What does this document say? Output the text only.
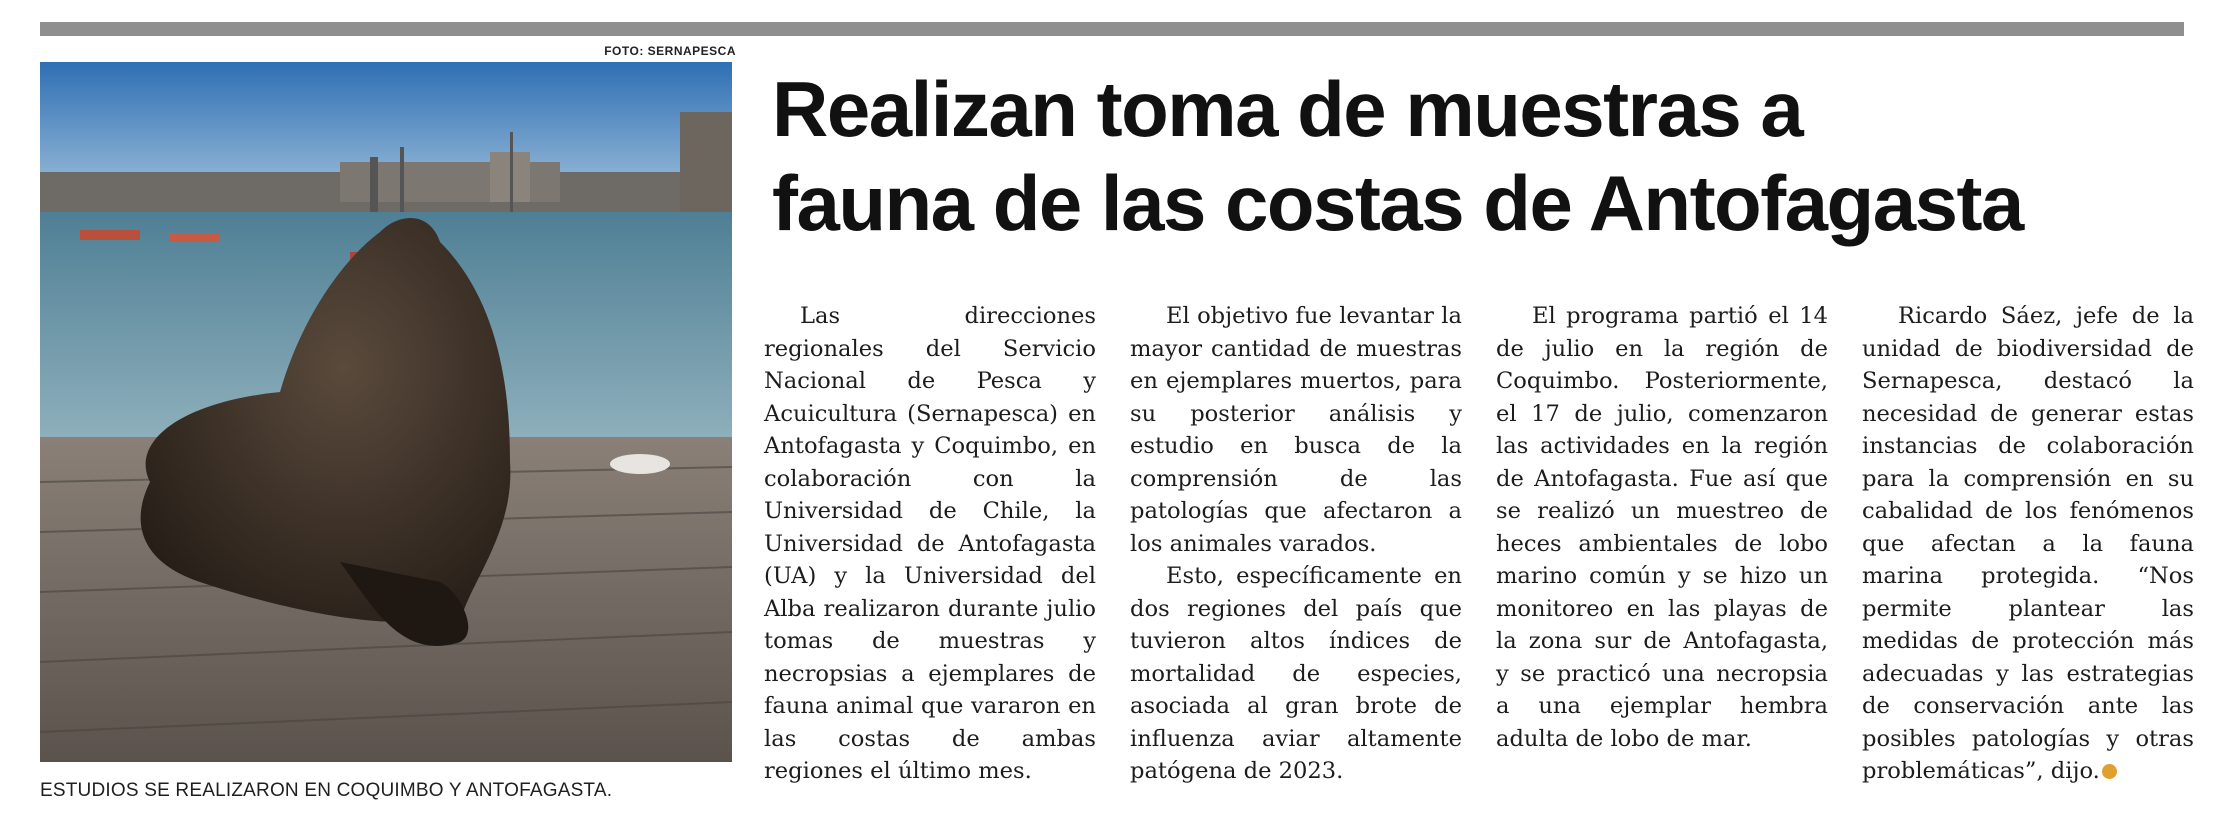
FOTO: SERNAPESCA
ESTUDIOS SE REALIZARON EN COQUIMBO Y ANTOFAGASTA.
Realizan toma de muestras a
fauna de las costas de Antofagasta

Las direcciones regionales del Servicio Nacional de Pesca y Acuicultura (Sernapesca) en Antofagasta y Coquimbo, en colaboración con la Universidad de Chile, la Universidad de Antofagasta (UA) y la Universidad del Alba realizaron durante julio tomas de muestras y necropsias a ejemplares de fauna animal que vararon en las costas de ambas regiones el último mes.

El objetivo fue levantar la mayor cantidad de muestras en ejemplares muertos, para su posterior análisis y estudio en busca de la comprensión de las patologías que afectaron a los animales varados.

Esto, específicamente en dos regiones del país que tuvieron altos índices de mortalidad de especies, asociada al gran brote de influenza aviar altamente patógena de 2023.

El programa partió el 14 de julio en la región de Coquimbo. Posteriormente, el 17 de julio, comenzaron las actividades en la región de Antofagasta. Fue así que se realizó un muestreo de heces ambientales de lobo marino común y se hizo un monitoreo en las playas de la zona sur de Antofagasta, y se practicó una necropsia a una ejemplar hembra adulta de lobo de mar.

Ricardo Sáez, jefe de la unidad de biodiversidad de Sernapesca, destacó la necesidad de generar estas instancias de colaboración para la comprensión en su cabalidad de los fenómenos que afectan a la fauna marina protegida. “Nos permite plantear las medidas de protección más adecuadas y las estrategias de conservación ante las posibles patologías y otras problemáticas”, dijo.
